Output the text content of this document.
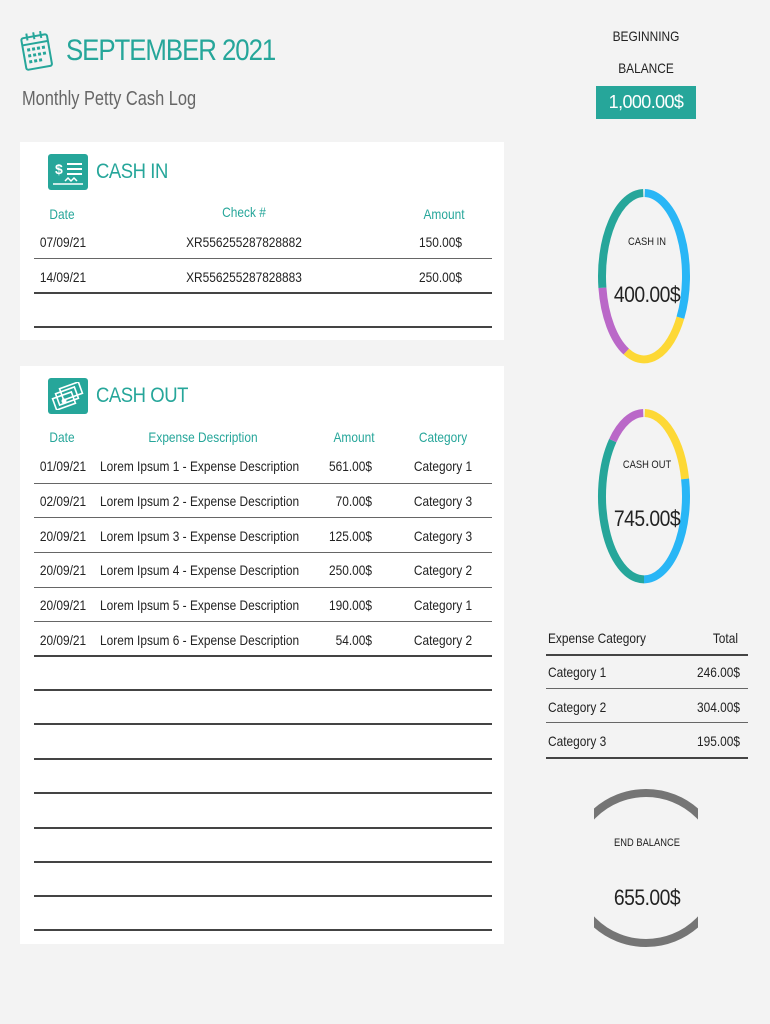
SEPTEMBER 2021
Monthly Petty Cash Log
BEGINNING
BALANCE
1,000.00$
$ CASH IN
Date	Check #	Amount
07/09/21	XR556255287828882	150.00$
14/09/21	XR556255287828883	250.00$
CASH OUT
Date	Expense Description	Amount	Category
01/09/21 Lorem Ipsum 1 - Expense Description	561.00$	Category 1
02/09/21 Lorem Ipsum 2 - Expense Description	70.00$	Category 3
20/09/21 Lorem Ipsum 3 - Expense Description	125.00$	Category 3
20/09/21 Lorem Ipsum 4 - Expense Description	250.00$	Category 2
20/09/21 Lorem Ipsum 5 - Expense Description	190.00$	Category 1
20/09/21 Lorem Ipsum 6 - Expense Description	54.00$	Category 2
CASH IN
400.00$
CASH OUT
745.00$
Expense Category	Total
Category 1	246.00$
Category 2	304.00$
Category 3	195.00$
END BALANCE
655.00$
